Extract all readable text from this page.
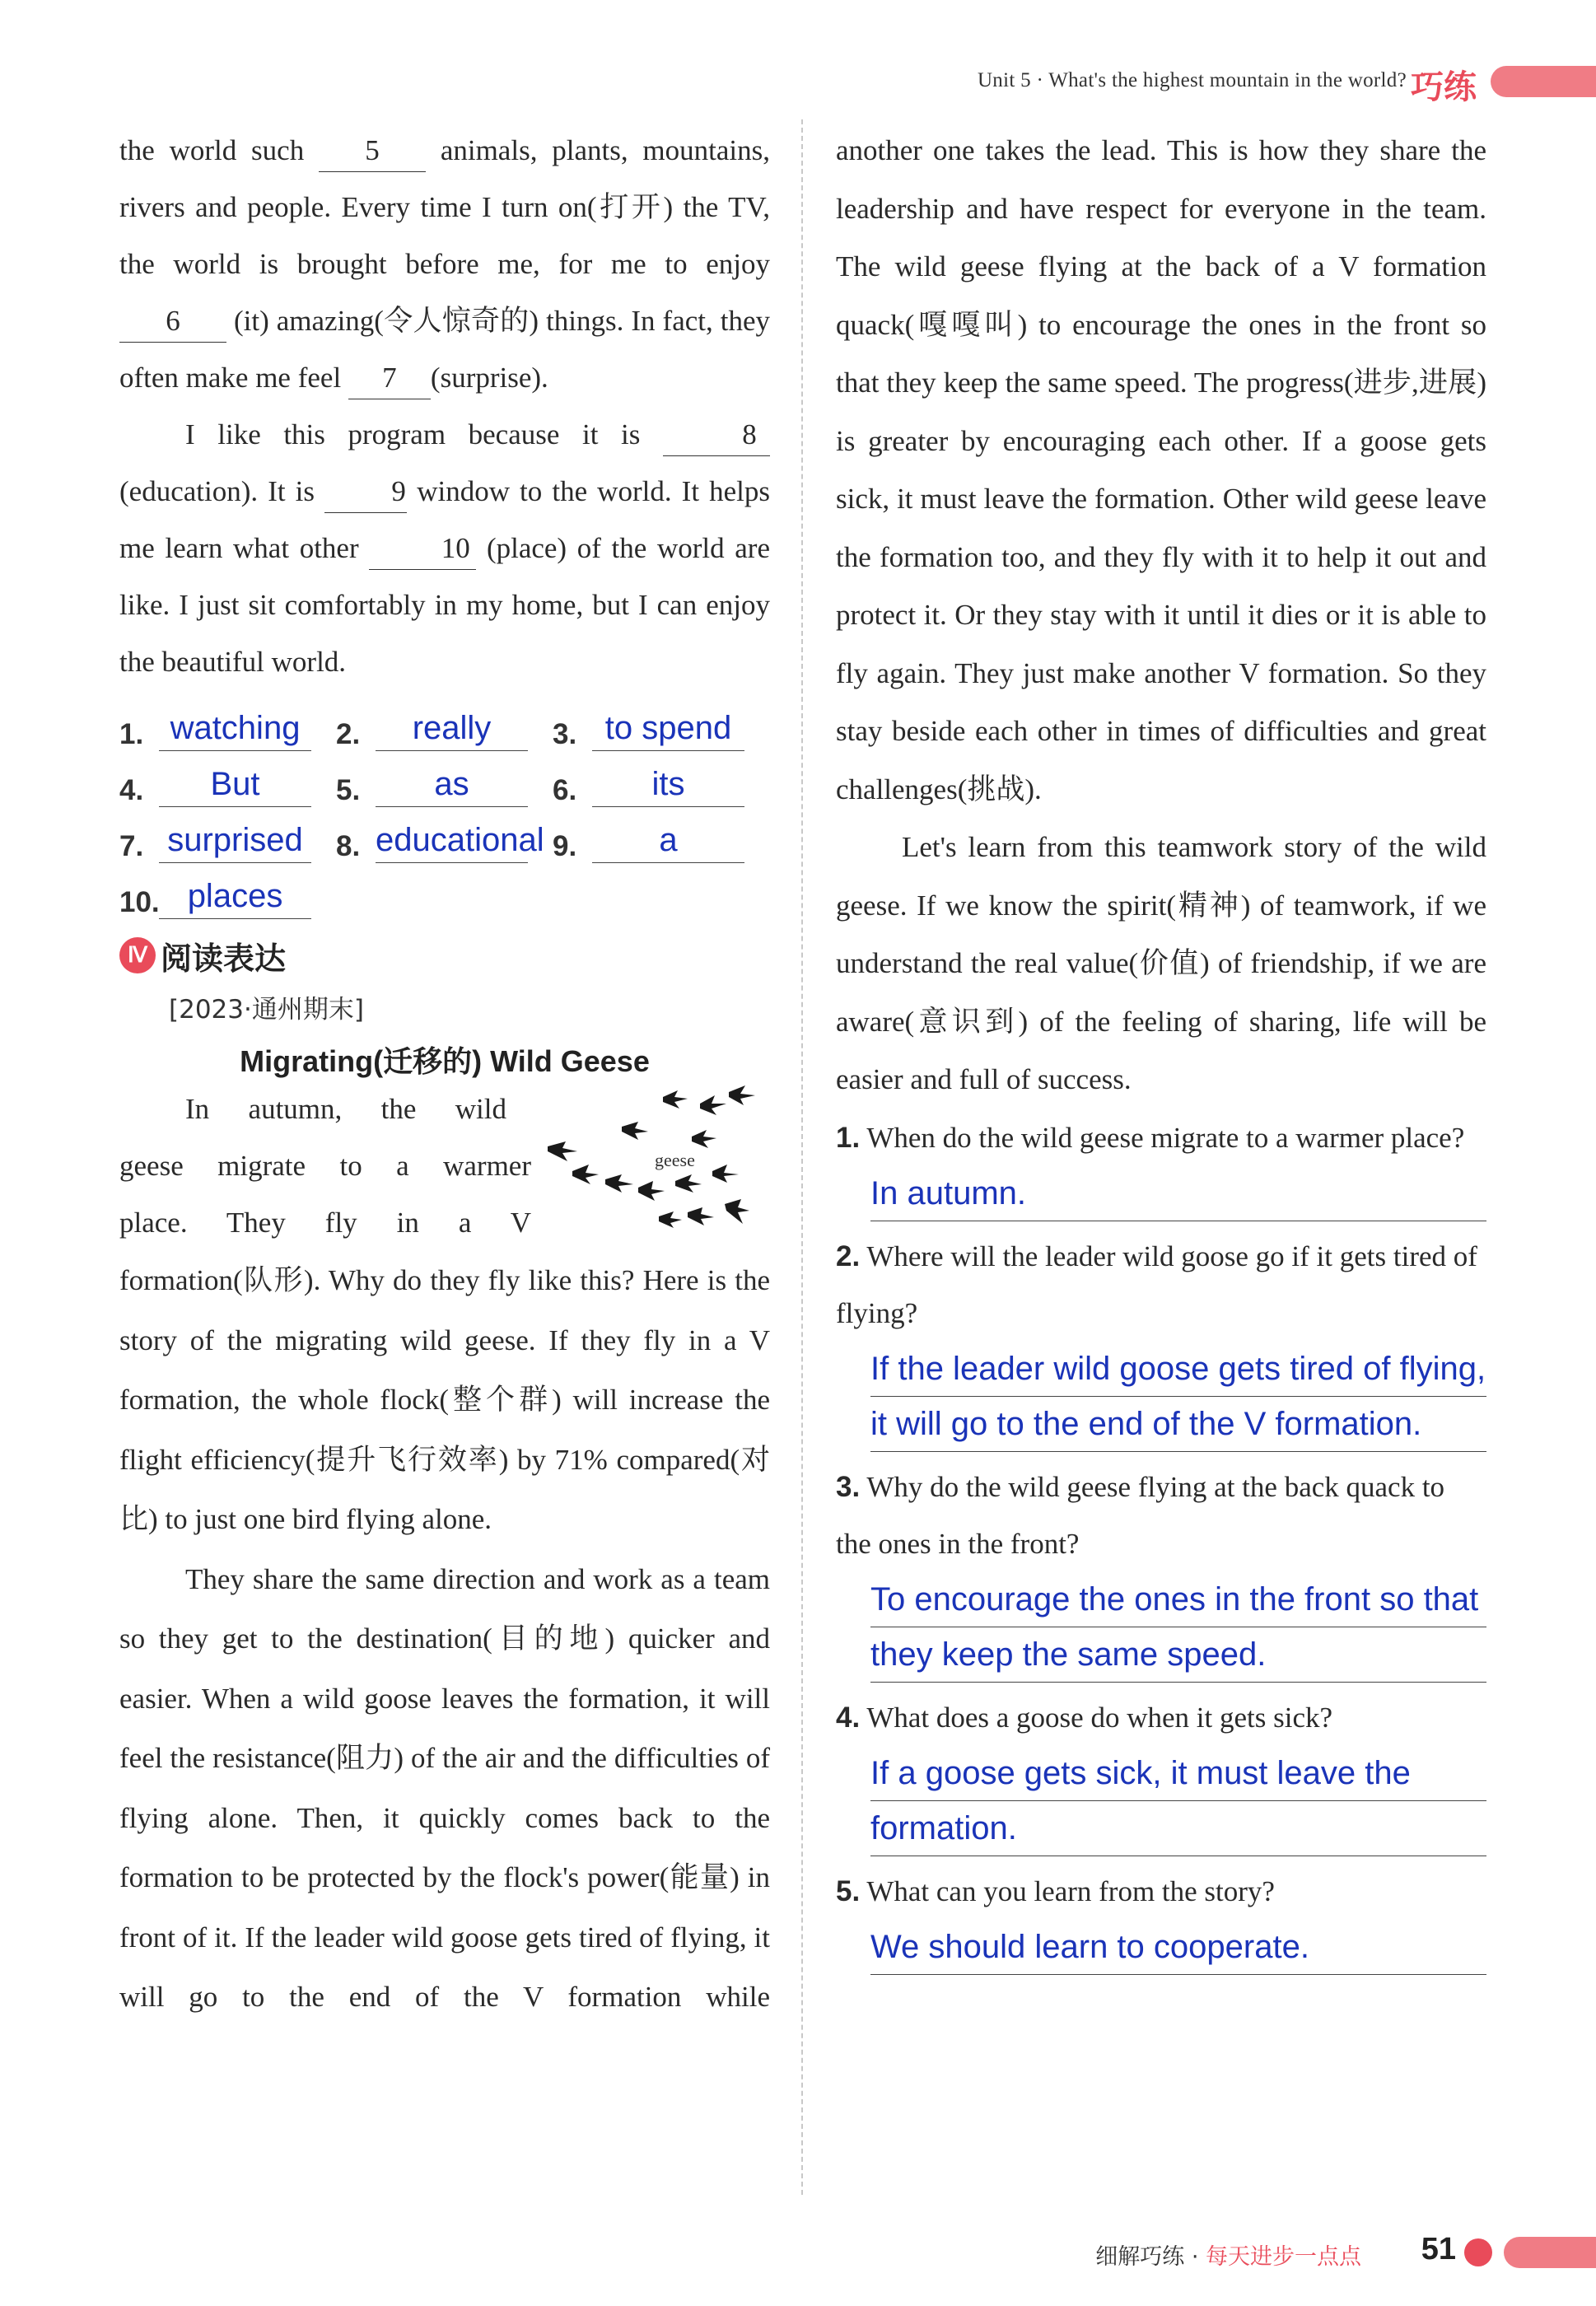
Unit 5 · What's the highest mountain in the world? 巧练

the world such 5 animals, plants, mountains, rivers and people. Every time I turn on(打开) the TV, the world is brought before me, for me to enjoy 6 (it) amazing(令人惊奇的) things. In fact, they often make me feel 7 (surprise).

I like this program because it is	8 (education). It is	9 window to the world. It helps me learn what other	10 (place) of the world are like. I just sit comfortably in my home, but I can enjoy the beautiful world.

1. watching	2.	really	3. to spend
4.	But	5.	as	6.	its
7. surprised 8. educational 9.	a
10. places
Ⅳ 阅读表达
[2023·通州期末]
Migrating(迁移的) Wild Geese
geese

In autumn, the wild

geese migrate to a warmer

place. They fly in a V

formation(队形). Why do they fly like this? Here is the story of the migrating wild geese. If they fly in a V formation, the whole flock(整个群) will increase the flight efficiency(提升飞行效率) by 71% compared(对比) to just one bird flying alone.

They share the same direction and work as a team so they get to the destination(目的地) quicker and easier. When a wild goose leaves the formation, it will feel the resistance(阻力) of the air and the difficulties of flying alone. Then, it quickly comes back to the formation to be protected by the flock's power(能量) in front of it. If the leader wild goose gets tired of flying, it will go to the end of the V formation while

another one takes the lead. This is how they share the leadership and have respect for everyone in the team. The wild geese flying at the back of a V formation quack(嘎嘎叫) to encourage the ones in the front so that they keep the same speed. The progress(进步,进展) is greater by encouraging each other. If a goose gets sick, it must leave the formation. Other wild geese leave the formation too, and they fly with it to help it out and protect it. Or they stay with it until it dies or it is able to fly again. They just make another V formation. So they stay beside each other in times of difficulties and great challenges(挑战).

Let's learn from this teamwork story of the wild geese. If we know the spirit(精神) of teamwork, if we understand the real value(价值) of friendship, if we are aware(意识到) of the feeling of sharing, life will be easier and full of success.

1. When do the wild geese migrate to a warmer place?
In autumn.
2. Where will the leader wild goose go if it gets tired of flying?
If the leader wild goose gets tired of flying,
it will go to the end of the V formation.
3. Why do the wild geese flying at the back quack to the ones in the front?
To encourage the ones in the front so that
they keep the same speed.
4. What does a goose do when it gets sick?
If a goose gets sick, it must leave the
formation.
5. What can you learn from the story?
We should learn to cooperate.
细解巧练 · 每天进步一点点 51
